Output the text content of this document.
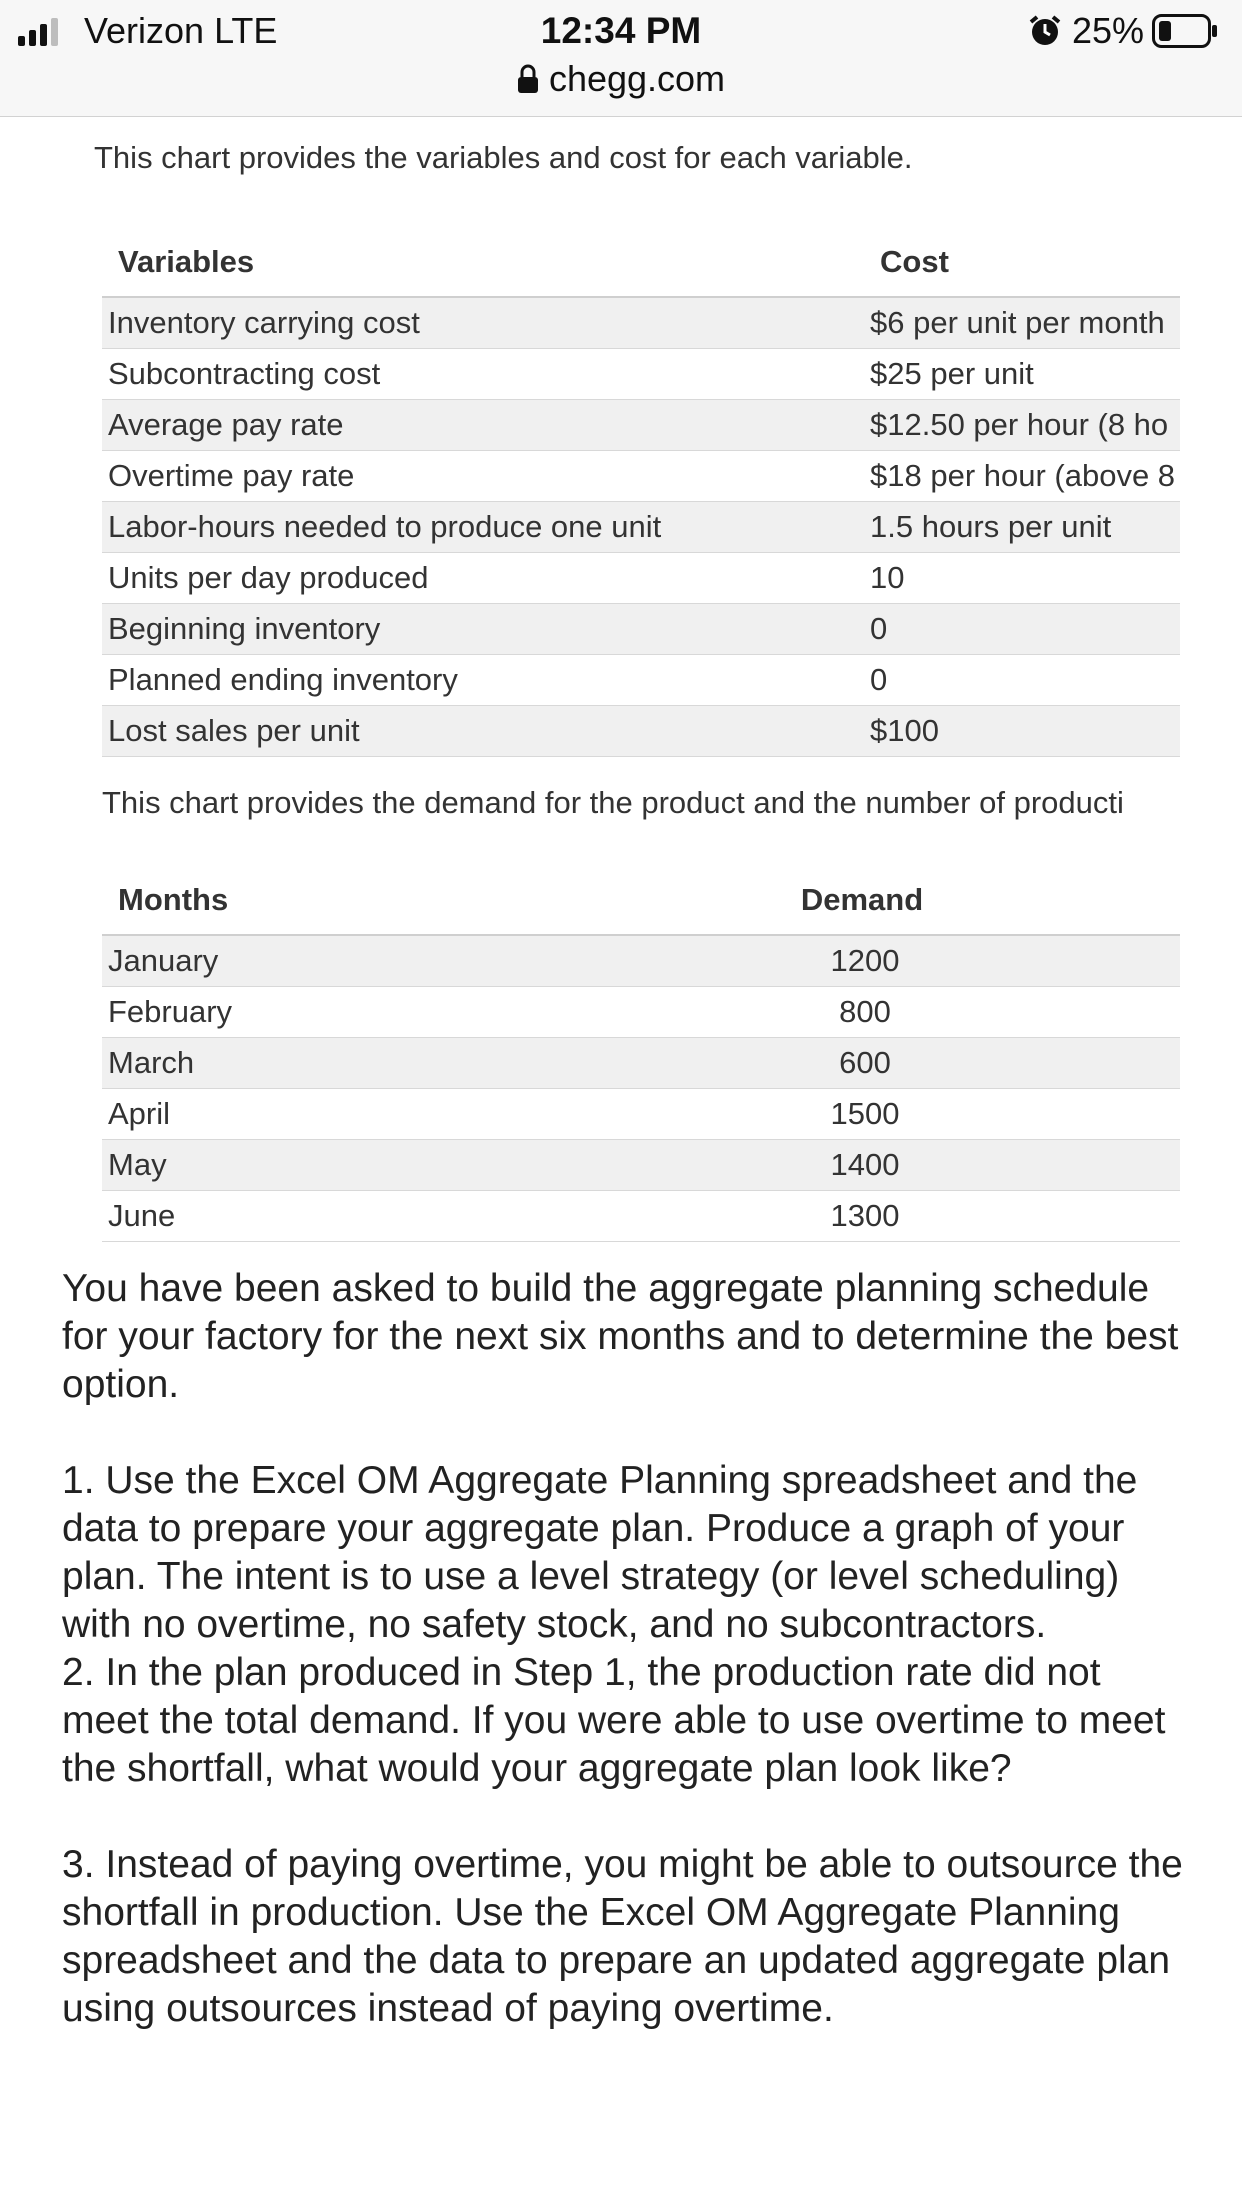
Verizon LTE	12:34 PM
chegg.com
25%
This chart provides the variables and cost for each variable.
Variables	Cost
Inventory carrying cost	$6 per unit per month
Subcontracting cost	$25 per unit
Average pay rate	$12.50 per hour (8 ho
Overtime pay rate	$18 per hour (above 8
Labor-hours needed to produce one unit	1.5 hours per unit
Units per day produced	10
Beginning inventory	0
Planned ending inventory	0
Lost sales per unit	$100
This chart provides the demand for the product and the number of producti
Months	Demand	
January	1200	
February	800	
March	600	
April	1500	
May	1400	
June	1300	

You have been asked to build the aggregate planning schedule for your factory for the next six months and to determine the best option.

1. Use the Excel OM Aggregate Planning spreadsheet and the data to prepare your aggregate plan. Produce a graph of your plan. The intent is to use a level strategy (or level scheduling) with no overtime, no safety stock, and no subcontractors.

2. In the plan produced in Step 1, the production rate did not meet the total demand. If you were able to use overtime to meet the shortfall, what would your aggregate plan look like?

3. Instead of paying overtime, you might be able to outsource the shortfall in production. Use the Excel OM Aggregate Planning spreadsheet and the data to prepare an updated aggregate plan using outsources instead of paying overtime.
